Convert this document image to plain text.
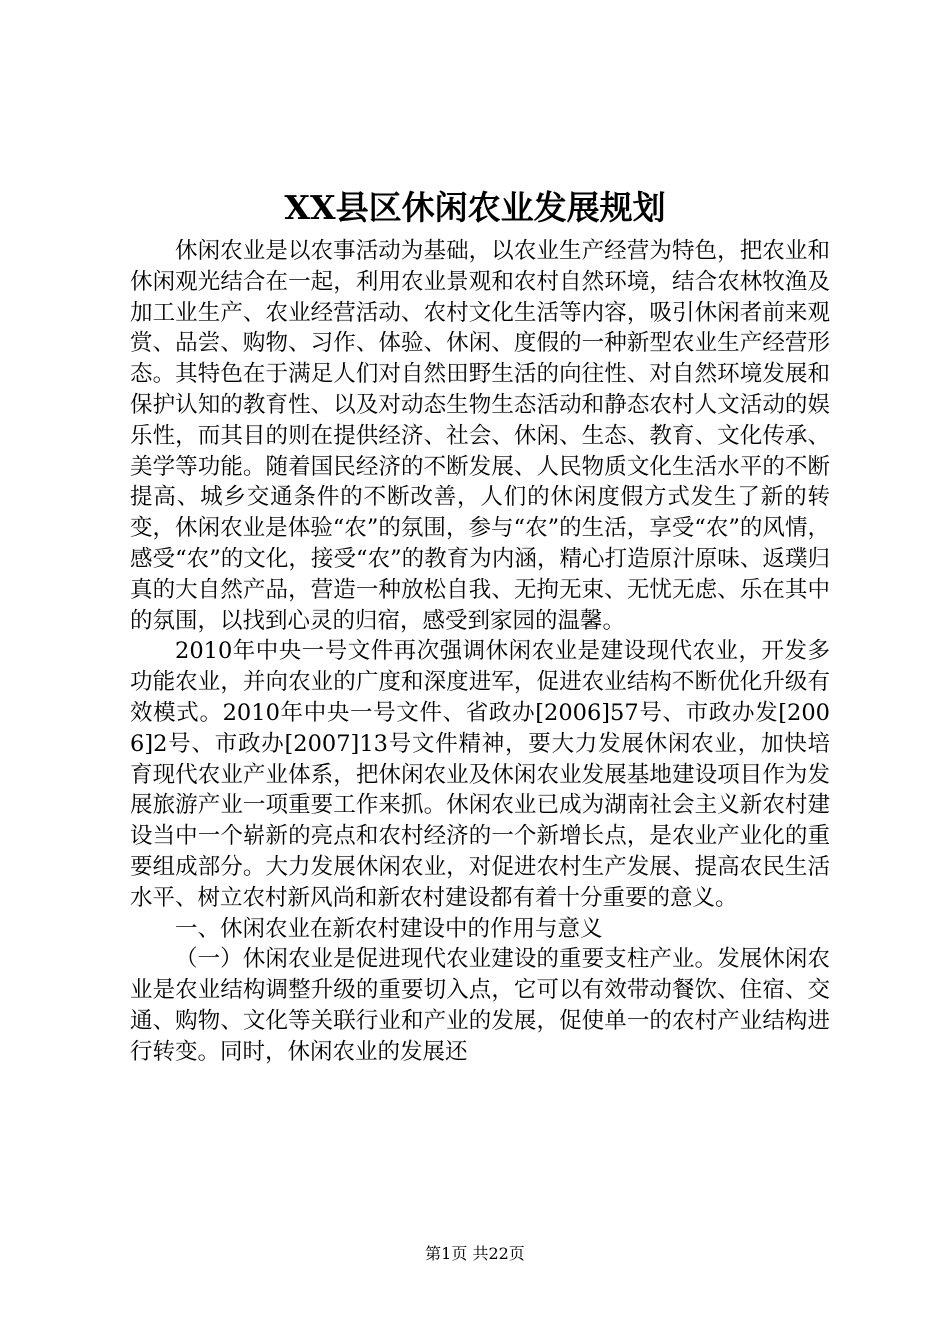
XX县区休闲农业发展规划

休闲农业是以农事活动为基础，以农业生产经营为特色，把农业和休闲观光结合在一起，利用农业景观和农村自然环境，结合农林牧渔及加工业生产、农业经营活动、农村文化生活等内容，吸引休闲者前来观赏、品尝、购物、习作、体验、休闲、度假的一种新型农业生产经营形态。其特色在于满足人们对自然田野生活的向往性、对自然环境发展和保护认知的教育性、以及对动态生物生态活动和静态农村人文活动的娱乐性，而其目的则在提供经济、社会、休闲、生态、教育、文化传承、美学等功能。随着国民经济的不断发展、人民物质文化生活水平的不断提高、城乡交通条件的不断改善，人们的休闲度假方式发生了新的转变，休闲农业是体验“农”的氛围，参与“农”的生活，享受“农”的风情，感受“农”的文化，接受“农”的教育为内涵，精心打造原汁原味、返璞归真的大自然产品，营造一种放松自我、无拘无束、无忧无虑、乐在其中的氛围，以找到心灵的归宿，感受到家园的温馨。

2010年中央一号文件再次强调休闲农业是建设现代农业，开发多功能农业，并向农业的广度和深度进军，促进农业结构不断优化升级有效模式。2010年中央一号文件、省政办[2006]57号、市政办发[2006]2号、市政办[2007]13号文件精神，要大力发展休闲农业，加快培育现代农业产业体系，把休闲农业及休闲农业发展基地建设项目作为发展旅游产业一项重要工作来抓。休闲农业已成为湖南社会主义新农村建设当中一个崭新的亮点和农村经济的一个新增长点，是农业产业化的重要组成部分。大力发展休闲农业，对促进农村生产发展、提高农民生活水平、树立农村新风尚和新农村建设都有着十分重要的意义。

一、休闲农业在新农村建设中的作用与意义

（一）休闲农业是促进现代农业建设的重要支柱产业。发展休闲农业是农业结构调整升级的重要切入点，它可以有效带动餐饮、住宿、交通、购物、文化等关联行业和产业的发展，促使单一的农村产业结构进行转变。同时，休闲农业的发展还

第1页 共22页
